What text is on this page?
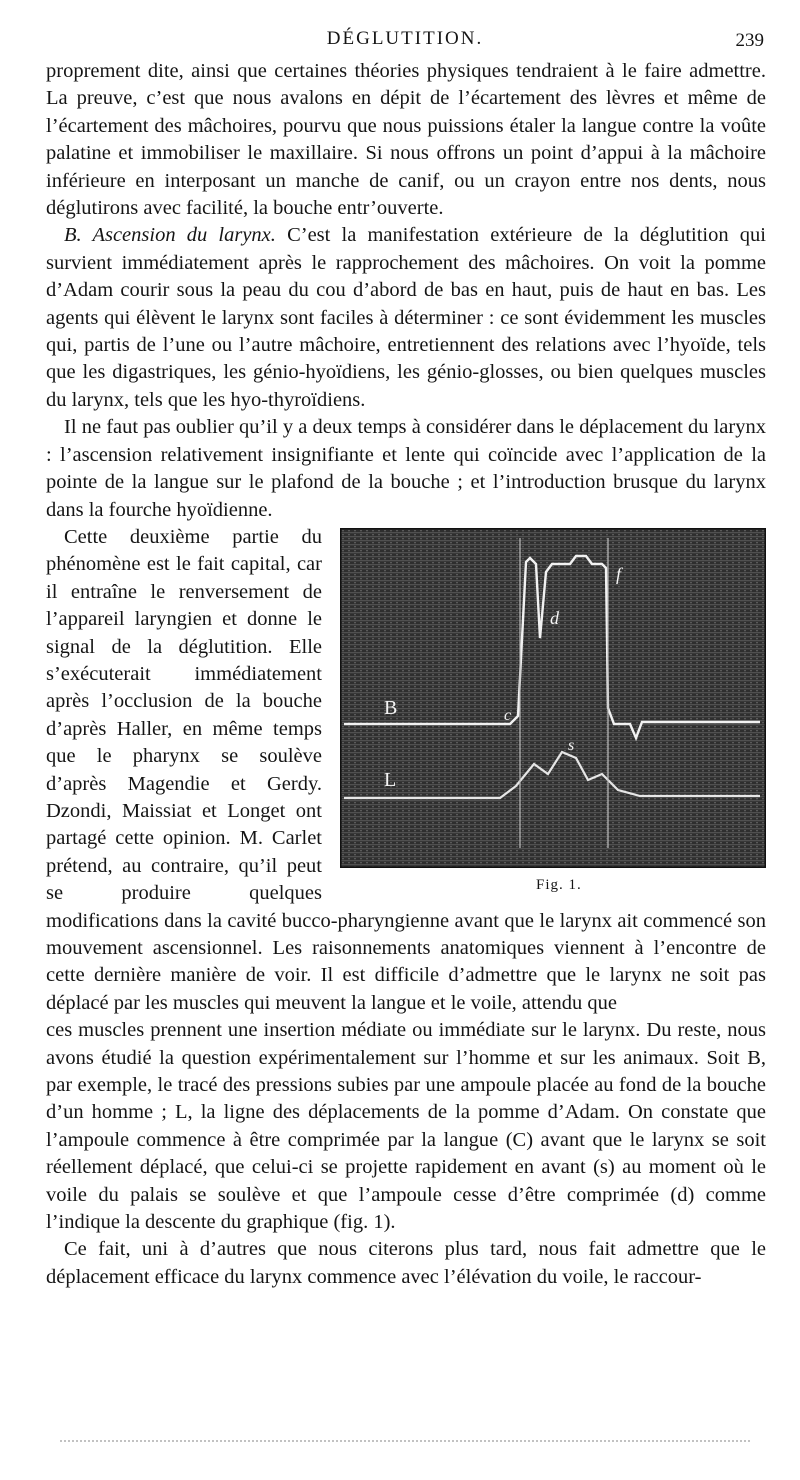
DÉGLUTITION.	239

proprement dite, ainsi que certaines théories physiques tendraient à le faire admettre. La preuve, c’est que nous avalons en dépit de l’écartement des lèvres et même de l’écartement des mâchoires, pourvu que nous puissions étaler la langue contre la voûte palatine et immobiliser le maxillaire. Si nous offrons un point d’appui à la mâchoire inférieure en interposant un manche de canif, ou un crayon entre nos dents, nous déglutirons avec facilité, la bouche entr’ouverte.

B. Ascension du larynx. C’est la manifestation extérieure de la déglutition qui survient immédiatement après le rapprochement des mâchoires. On voit la pomme d’Adam courir sous la peau du cou d’abord de bas en haut, puis de haut en bas. Les agents qui élèvent le larynx sont faciles à déterminer : ce sont évidemment les muscles qui, partis de l’une ou l’autre mâchoire, entretiennent des relations avec l’hyoïde, tels que les digastriques, les génio-hyoïdiens, les génio-glosses, ou bien quelques muscles du larynx, tels que les hyo-thyroïdiens.

Il ne faut pas oublier qu’il y a deux temps à considérer dans le déplacement du larynx : l’ascension relativement insignifiante et lente qui coïncide avec l’application de la pointe de la langue sur le plafond de la bouche ; et l’introduction brusque du larynx dans la fourche hyoïdienne.

B
L
c
d
f
s
Fig. 1.
Cette deuxième partie du phénomène est le fait capital, car il entraîne le renversement de l’appareil laryngien et donne le signal de la déglutition. Elle s’exécuterait immédiatement après l’occlusion de la bouche d’après Haller, en même temps que le pharynx se soulève d’après Magendie et Gerdy. Dzondi, Maissiat et Longet ont partagé cette opinion. M. Carlet prétend, au contraire, qu’il peut se produire quelques modifications dans la cavité bucco-pharyngienne avant que le larynx ait commencé son mouvement ascensionnel. Les raisonnements anatomiques viennent à l’encontre de cette dernière manière de voir. Il est difficile d’admettre que le larynx ne soit pas déplacé par les muscles qui meuvent la langue et le voile, attendu que

ces muscles prennent une insertion médiate ou immédiate sur le larynx. Du reste, nous avons étudié la question expérimentalement sur l’homme et sur les animaux. Soit B, par exemple, le tracé des pressions subies par une ampoule placée au fond de la bouche d’un homme ; L, la ligne des déplacements de la pomme d’Adam. On constate que l’ampoule commence à être comprimée par la langue (C) avant que le larynx se soit réellement déplacé, que celui-ci se projette rapidement en avant (s) au moment où le voile du palais se soulève et que l’ampoule cesse d’être comprimée (d) comme l’indique la descente du graphique (fig. 1).

Ce fait, uni à d’autres que nous citerons plus tard, nous fait admettre que le déplacement efficace du larynx commence avec l’élévation du voile, le raccour-
